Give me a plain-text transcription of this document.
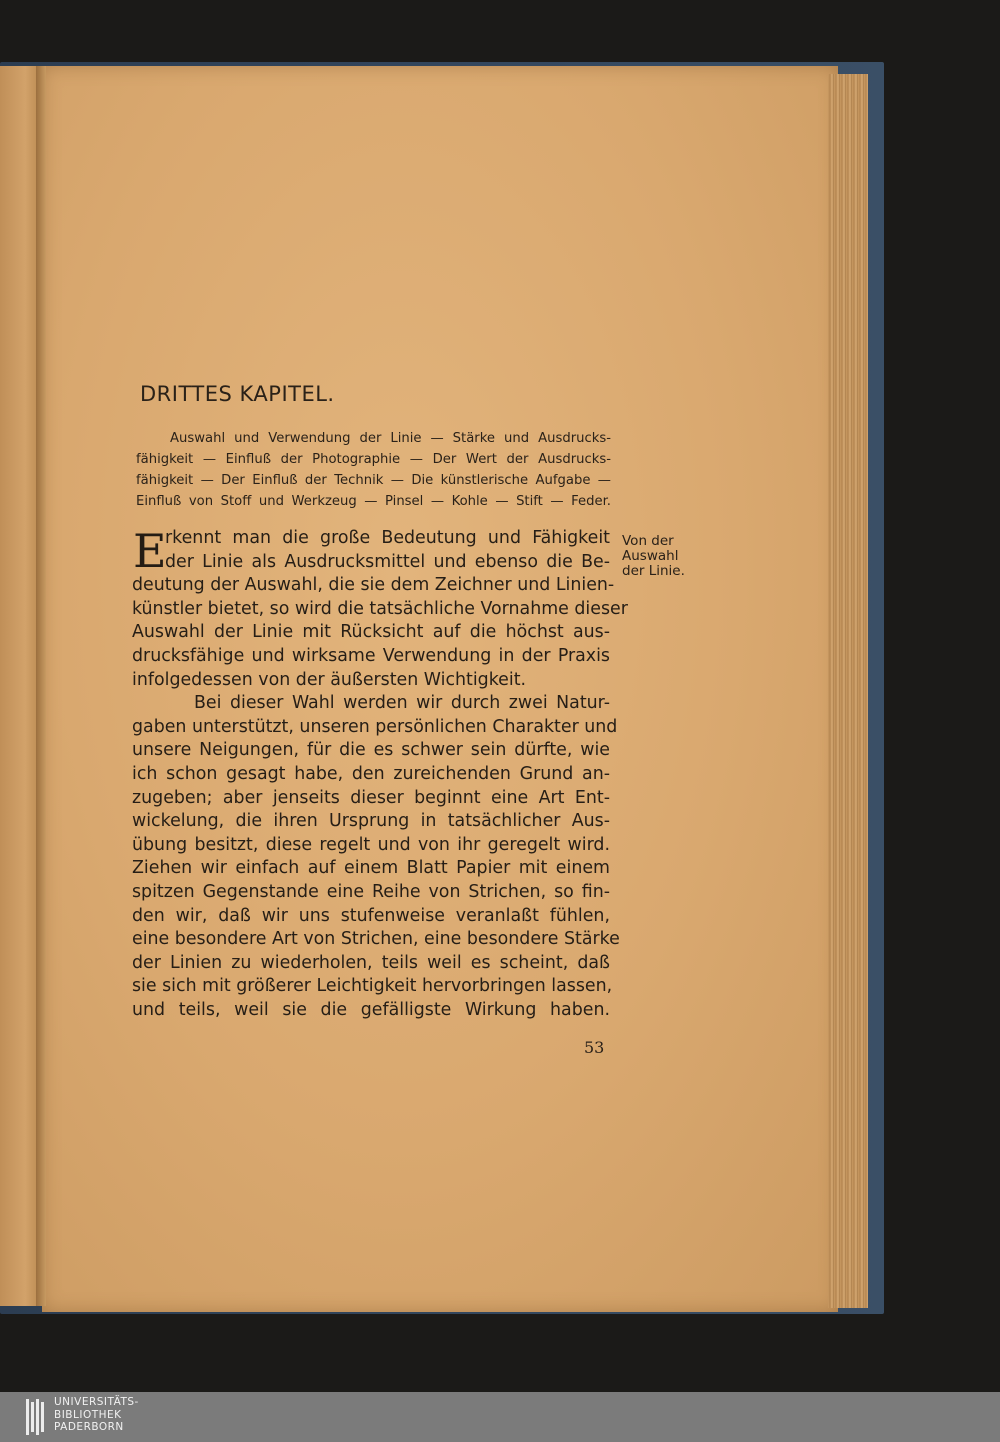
DRITTES KAPITEL.

Auswahl und Verwendung der Linie — Stärke und Ausdrucks-
fähigkeit — Einfluß der Photographie — Der Wert der Ausdrucks-
fähigkeit — Der Einfluß der Technik — Die künstlerische Aufgabe —
Einfluß von Stoff und Werkzeug — Pinsel — Kohle — Stift — Feder.

E

rkennt man die große Bedeutung und Fähigkeit
der Linie als Ausdrucksmittel und ebenso die Be-
deutung der Auswahl, die sie dem Zeichner und Linien-
künstler bietet, so wird die tatsächliche Vornahme dieser
Auswahl der Linie mit Rücksicht auf die höchst aus-
drucksfähige und wirksame Verwendung in der Praxis
infolgedessen von der äußersten Wichtigkeit.
Bei dieser Wahl werden wir durch zwei Natur-
gaben unterstützt, unseren persönlichen Charakter und
unsere Neigungen, für die es schwer sein dürfte, wie
ich schon gesagt habe, den zureichenden Grund an-
zugeben; aber jenseits dieser beginnt eine Art Ent-
wickelung, die ihren Ursprung in tatsächlicher Aus-
übung besitzt, diese regelt und von ihr geregelt wird.
Ziehen wir einfach auf einem Blatt Papier mit einem
spitzen Gegenstande eine Reihe von Strichen, so fin-
den wir, daß wir uns stufenweise veranlaßt fühlen,
eine besondere Art von Strichen, eine besondere Stärke
der Linien zu wiederholen, teils weil es scheint, daß
sie sich mit größerer Leichtigkeit hervorbringen lassen,
und teils, weil sie die gefälligste Wirkung haben.

Von der
Auswahl
der Linie.
53
UNIVERSITÄTS-
BIBLIOTHEK
PADERBORN
